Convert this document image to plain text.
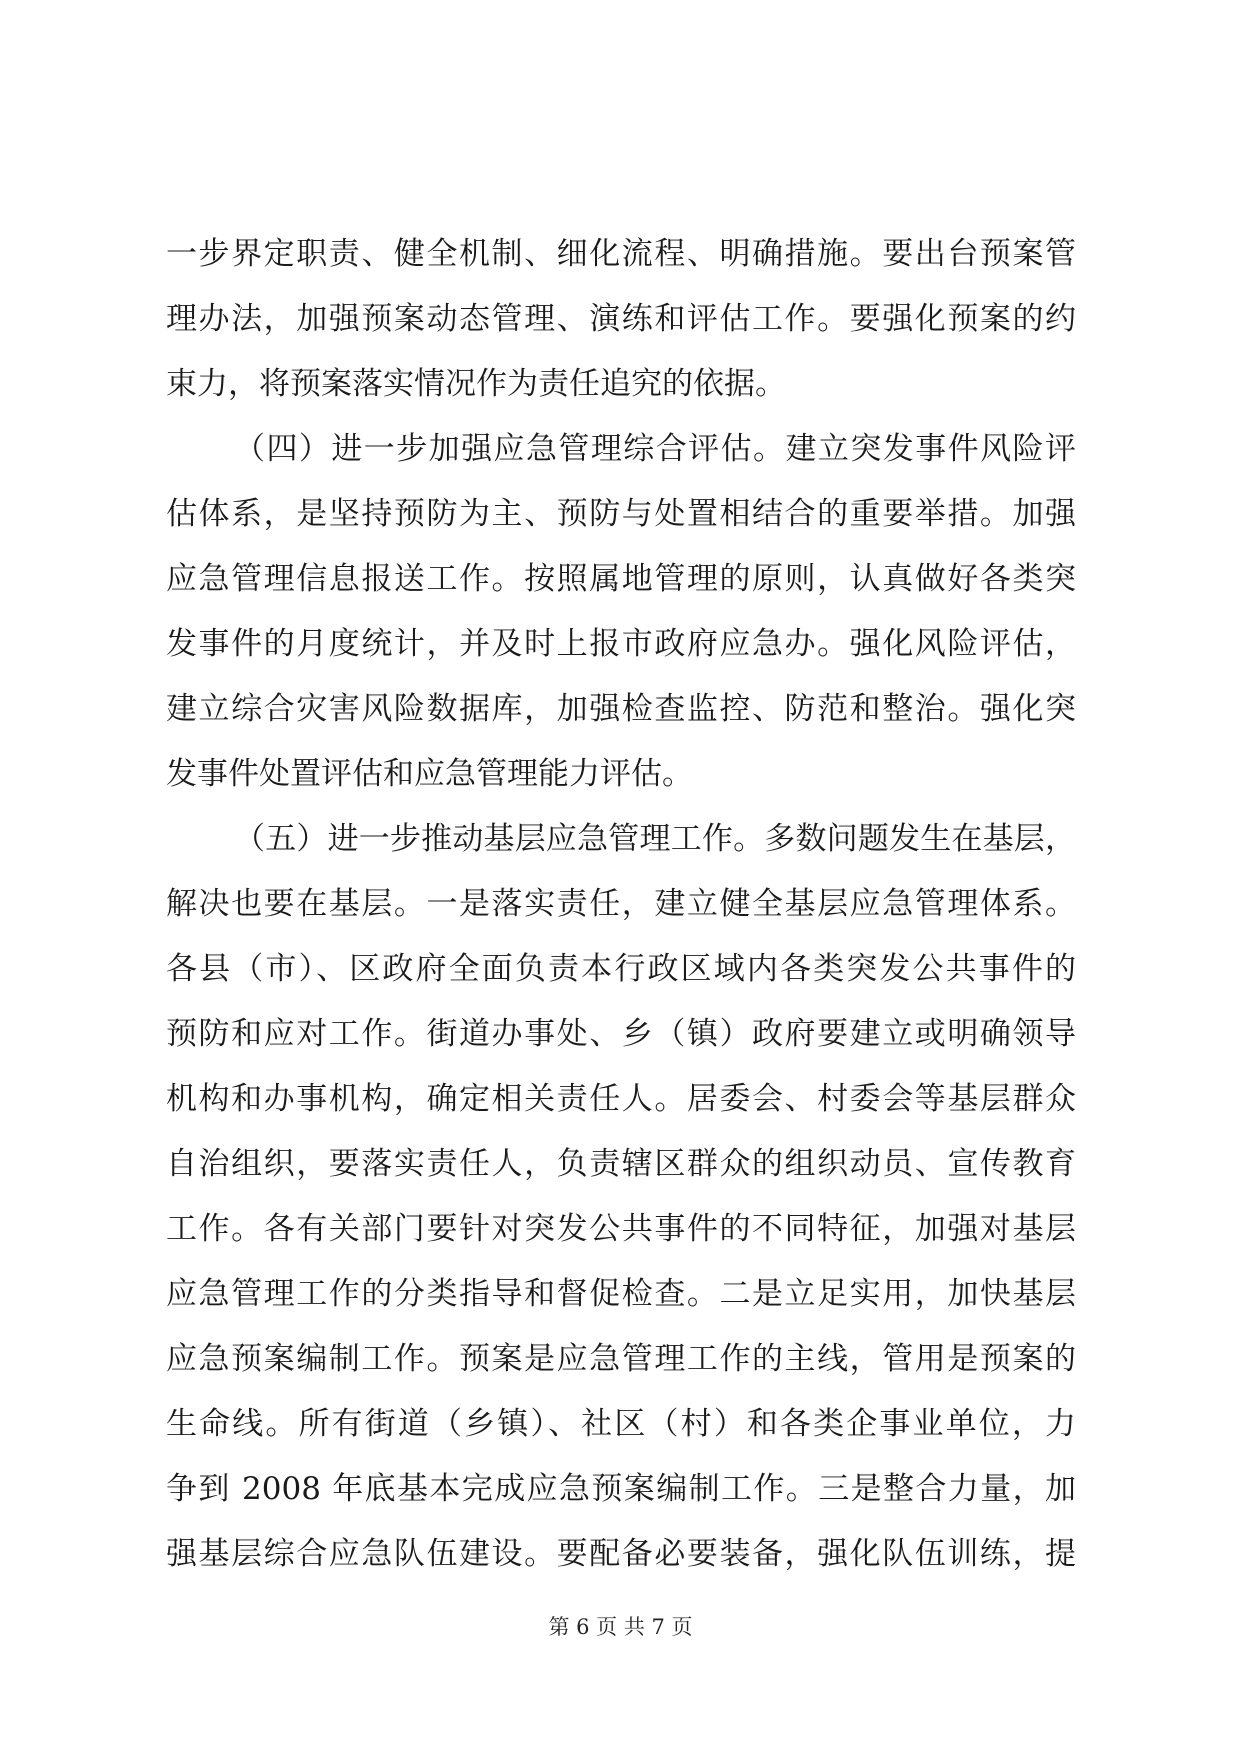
一步界定职责、健全机制、细化流程、明确措施。要出台预案管
理办法，加强预案动态管理、演练和评估工作。要强化预案的约
束力，将预案落实情况作为责任追究的依据。
（四）进一步加强应急管理综合评估。建立突发事件风险评
估体系，是坚持预防为主、预防与处置相结合的重要举措。加强
应急管理信息报送工作。按照属地管理的原则，认真做好各类突
发事件的月度统计，并及时上报市政府应急办。强化风险评估，
建立综合灾害风险数据库，加强检查监控、防范和整治。强化突
发事件处置评估和应急管理能力评估。
（五）进一步推动基层应急管理工作。多数问题发生在基层，
解决也要在基层。一是落实责任，建立健全基层应急管理体系。
各县（市）、区政府全面负责本行政区域内各类突发公共事件的
预防和应对工作。街道办事处、乡（镇）政府要建立或明确领导
机构和办事机构，确定相关责任人。居委会、村委会等基层群众
自治组织，要落实责任人，负责辖区群众的组织动员、宣传教育
工作。各有关部门要针对突发公共事件的不同特征，加强对基层
应急管理工作的分类指导和督促检查。二是立足实用，加快基层
应急预案编制工作。预案是应急管理工作的主线，管用是预案的
生命线。所有街道（乡镇）、社区（村）和各类企事业单位，力
争到 2008 年底基本完成应急预案编制工作。三是整合力量，加
强基层综合应急队伍建设。要配备必要装备，强化队伍训练，提
第 6 页 共 7 页
